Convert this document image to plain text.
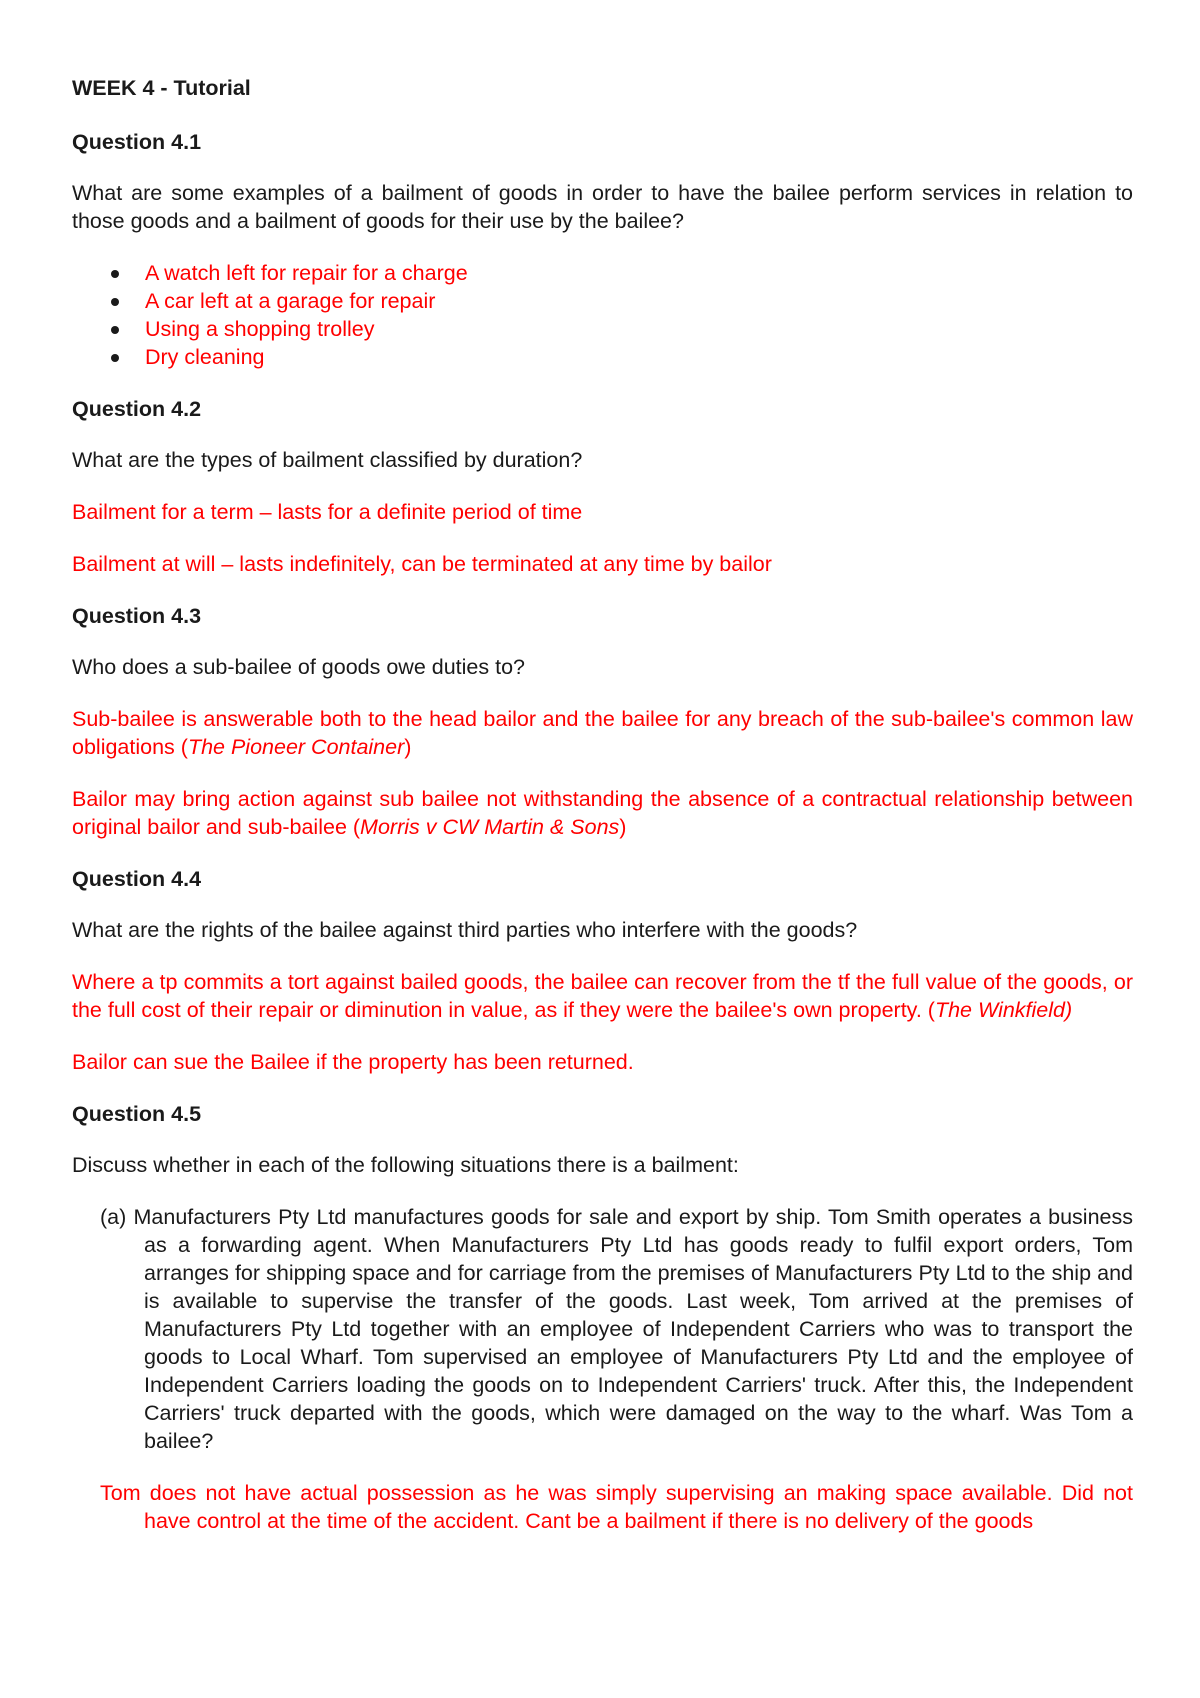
WEEK 4 - Tutorial

Question 4.1

What are some examples of a bailment of goods in order to have the bailee perform services in relation to those goods and a bailment of goods for their use by the bailee?

A watch left for repair for a charge
A car left at a garage for repair
Using a shopping trolley
Dry cleaning

Question 4.2

What are the types of bailment classified by duration?

Bailment for a term – lasts for a definite period of time

Bailment at will – lasts indefinitely, can be terminated at any time by bailor

Question 4.3

Who does a sub-bailee of goods owe duties to?

Sub-bailee is answerable both to the head bailor and the bailee for any breach of the sub-bailee's common law obligations (The Pioneer Container)

Bailor may bring action against sub bailee not withstanding the absence of a contractual relationship between original bailor and sub-bailee (Morris v CW Martin & Sons)

Question 4.4

What are the rights of the bailee against third parties who interfere with the goods?

Where a tp commits a tort against bailed goods, the bailee can recover from the tf the full value of the goods, or the full cost of their repair or diminution in value, as if they were the bailee's own property. (The Winkfield)

Bailor can sue the Bailee if the property has been returned.

Question 4.5

Discuss whether in each of the following situations there is a bailment:

(a) Manufacturers Pty Ltd manufactures goods for sale and export by ship. Tom Smith operates a business as a forwarding agent. When Manufacturers Pty Ltd has goods ready to fulfil export orders, Tom arranges for shipping space and for carriage from the premises of Manufacturers Pty Ltd to the ship and is available to supervise the transfer of the goods. Last week, Tom arrived at the premises of Manufacturers Pty Ltd together with an employee of Independent Carriers who was to transport the goods to Local Wharf. Tom supervised an employee of Manufacturers Pty Ltd and the employee of Independent Carriers loading the goods on to Independent Carriers' truck. After this, the Independent Carriers' truck departed with the goods, which were damaged on the way to the wharf. Was Tom a bailee?

Tom does not have actual possession as he was simply supervising an making space available. Did not have control at the time of the accident. Cant be a bailment if there is no delivery of the goods
